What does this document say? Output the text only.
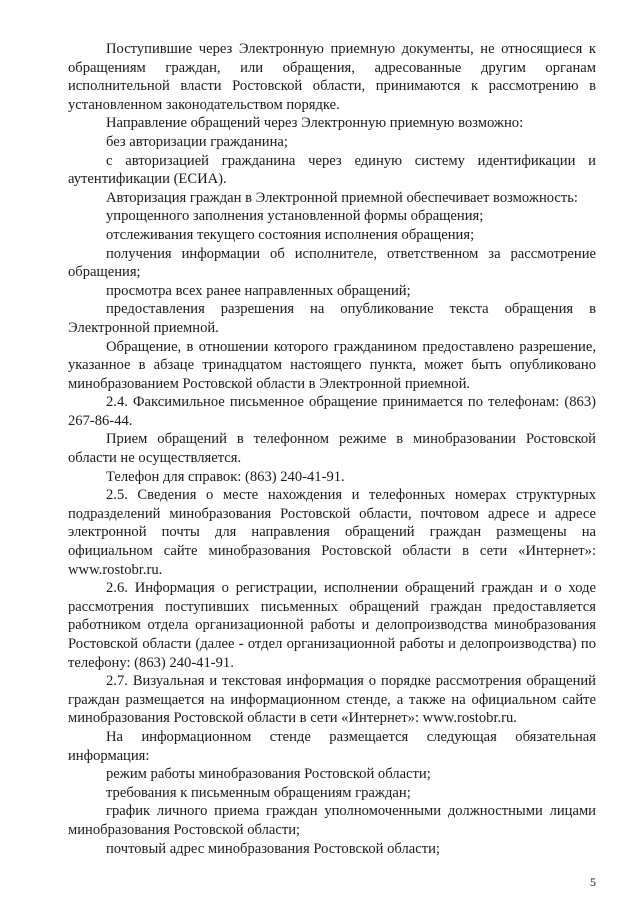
Поступившие через Электронную приемную документы, не относящиеся к обращениям граждан, или обращения, адресованные другим органам исполнительной власти Ростовской области, принимаются к рассмотрению в установленном законодательством порядке.

Направление обращений через Электронную приемную возможно:

без авторизации гражданина;

с авторизацией гражданина через единую систему идентификации и аутентификации (ЕСИА).

Авторизация граждан в Электронной приемной обеспечивает возможность:

упрощенного заполнения установленной формы обращения;

отслеживания текущего состояния исполнения обращения;

получения информации об исполнителе, ответственном за рассмотрение обращения;

просмотра всех ранее направленных обращений;

предоставления разрешения на опубликование текста обращения в Электронной приемной.

Обращение, в отношении которого гражданином предоставлено разрешение, указанное в абзаце тринадцатом настоящего пункта, может быть опубликовано минобразованием Ростовской области в Электронной приемной.

2.4. Факсимильное письменное обращение принимается по телефонам: (863) 267-86-44.

Прием обращений в телефонном режиме в минобразовании Ростовской области не осуществляется.

Телефон для справок: (863) 240-41-91.

2.5. Сведения о месте нахождения и телефонных номерах структурных подразделений минобразования Ростовской области, почтовом адресе и адресе электронной почты для направления обращений граждан размещены на официальном сайте минобразования Ростовской области в сети «Интернет»: www.rostobr.ru.

2.6. Информация о регистрации, исполнении обращений граждан и о ходе рассмотрения поступивших письменных обращений граждан предоставляется работником отдела организационной работы и делопроизводства минобразования Ростовской области (далее - отдел организационной работы и делопроизводства) по телефону: (863) 240-41-91.

2.7. Визуальная и текстовая информация о порядке рассмотрения обращений граждан размещается на информационном стенде, а также на официальном сайте минобразования Ростовской области в сети «Интернет»: www.rostobr.ru.

На информационном стенде размещается следующая обязательная информация:

режим работы минобразования Ростовской области;

требования к письменным обращениям граждан;

график личного приема граждан уполномоченными должностными лицами минобразования Ростовской области;

почтовый адрес минобразования Ростовской области;

5
